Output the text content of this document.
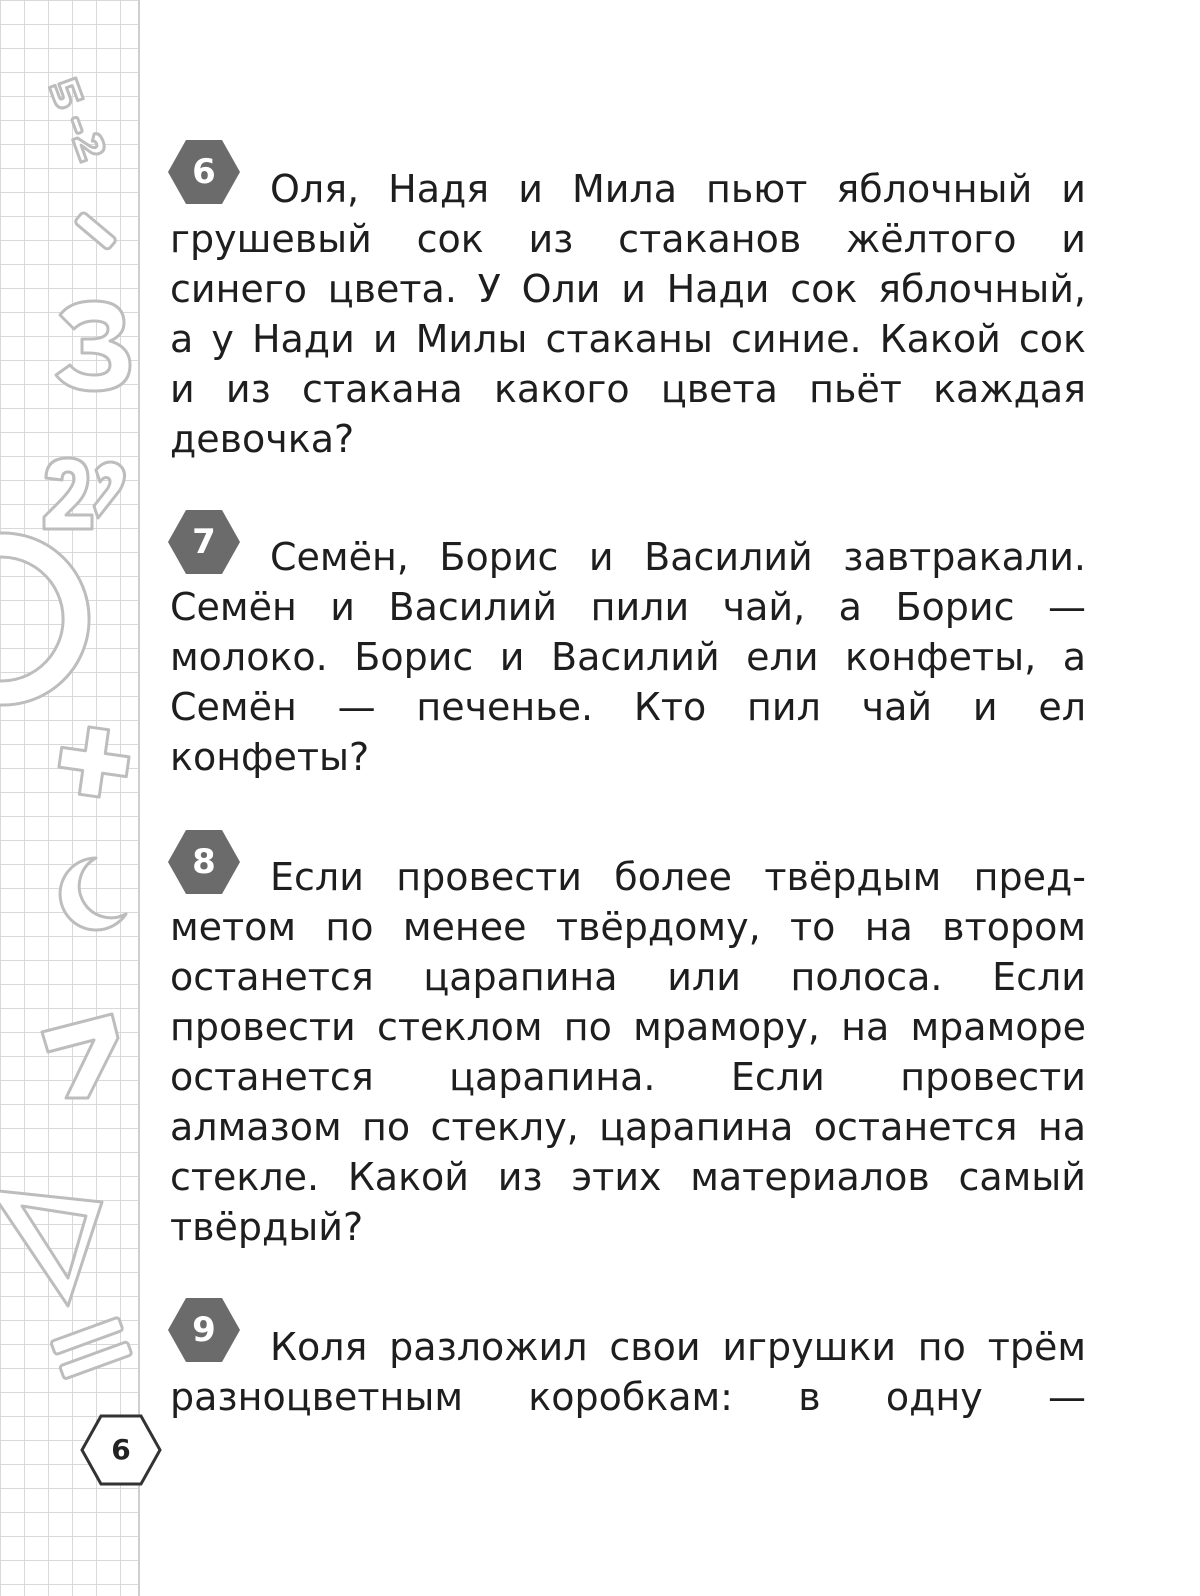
6	Оля, Надя и Мила пьют яблочный и грушевый сок из стаканов жёлтого и синего цвета. У Оли и Нади сок яблочный, а у Нади и Милы стаканы синие. Какой сок и из стакана какого цвета пьёт каждая девочка?

7	Семён, Борис и Василий завтракали. Семён и Василий пили чай, а Борис — молоко. Борис и Василий ели конфеты, а Семён — печенье. Кто пил чай и ел конфеты?

8	Если провести более твёрдым предметом по менее твёрдому, то на втором останется царапина или полоса. Если провести стеклом по мрамору, на мраморе останется царапина. Если провести алмазом по стеклу, царапина останется на стекле. Какой из этих материалов самый твёрдый?

9	Коля разложил свои игрушки по трём разноцветным коробкам: в одну —

6
